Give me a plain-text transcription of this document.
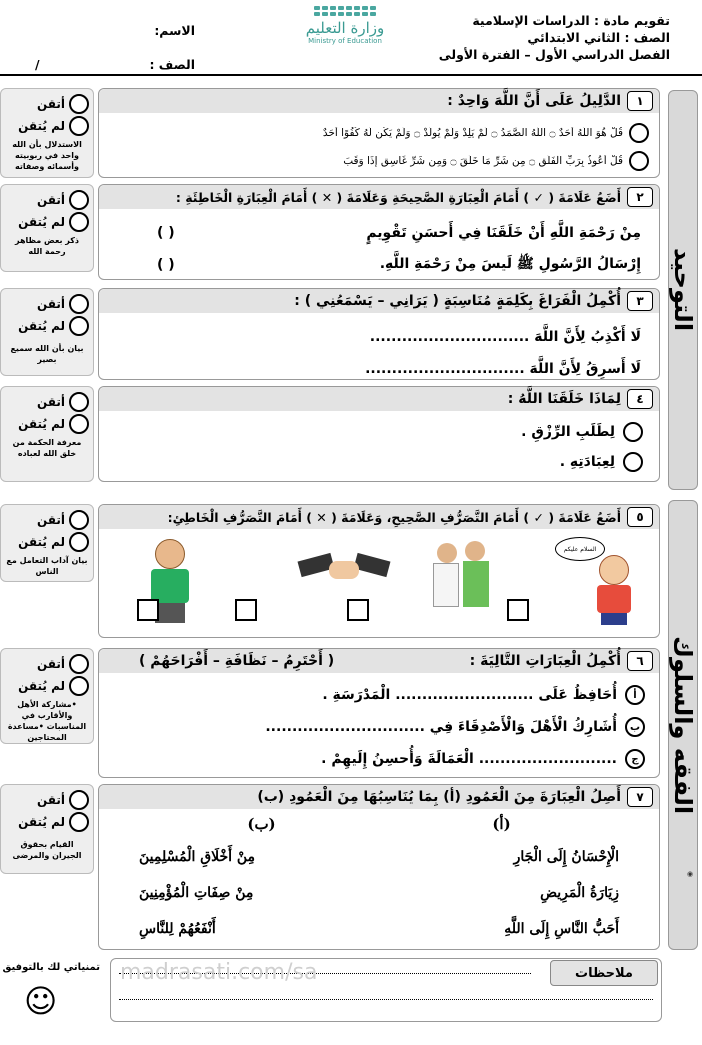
تقويم مادة : الدراسات الإسلامية
الصف : الثاني الابتدائي
الفصل الدراسي الأول – الفترة الأولى
وزارة التعليم
Ministry of Education
الاسم:
الصف :
/
التوحيد
الفقه والسلوك
◉
١
الدَّلِيلُ عَلَى أَنَّ اللَّهَ وَاحِدٌ :
قُلْ هُوَ اللَّهُ أَحَدٌ ۝ اللَّهُ الصَّمَدُ ۝ لَمْ يَلِدْ وَلَمْ يُولَدْ ۝ وَلَمْ يَكُن لَّهُ كُفُوًا أَحَدٌ
قُلْ أَعُوذُ بِرَبِّ الْفَلَقِ ۝ مِن شَرِّ مَا خَلَقَ ۝ وَمِن شَرِّ غَاسِقٍ إِذَا وَقَبَ
أتقن
لم يُتقن
الاستدلال بأن الله واحد في ربوبيته وأسمائه وصفاته
٢
أَضَعُ عَلَامَةَ ( ✓ ) أَمَامَ الْعِبَارَةِ الصَّحِيحَةِ وَعَلَامَةَ ( ✕ ) أَمَامَ الْعِبَارَةِ الْخَاطِئَةِ :
مِنْ رَحْمَةِ اللَّهِ أَنْ خَلَقَنَا فِي أَحسَنِ تَقْوِيمٍ
( )
إِرْسَالُ الرَّسُولِ ﷺ لَيسَ مِنْ رَحْمَةِ اللَّهِ.
( )
أتقن
لم يُتقن
ذكر بعض مظاهر رحمة الله
٣
أُكْمِلُ الْفَرَاغَ بِكَلِمَةٍ مُنَاسِبَةٍ ( يَرَانِي – يَسْمَعُنِي ) :
لَا أَكْذِبُ لِأَنَّ اللَّهَ ..............................
لَا أَسرِقُ لِأَنَّ اللَّهَ ..............................
أتقن
لم يُتقن
بيان بأن الله سميع بصير
٤
لِمَاذَا خَلَقَنَا اللَّهُ :
لِطَلَبِ الرِّزْقِ .
لِعِبَادَتِهِ .
أتقن
لم يُتقن
معرفة الحكمة من خلق الله لعباده
٥
أَضَعُ عَلَامَةَ ( ✓ ) أَمَامَ التَّصَرُّفِ الصَّحِيحِ، وَعَلَامَةَ ( ✕ ) أَمَامَ التَّصَرُّفِ الْخَاطِئِ:
السلام عليكم
أتقن
لم يُتقن
بيان آداب التعامل مع الناس
٦أُكْمِلُ الْعِبَارَاتِ التَّالِيَةَ :
( أَحْتَرِمُ – نَظَافَةِ – أَفْرَاحَهُمْ )
أ
أُحَافِظُ عَلَى .......................... الْمَدْرَسَةِ .
ب
أُشَارِكُ الْأَهْلَ وَالْأَصْدِقَاءَ فِي ..............................
ج
.......................... الْعَمَالَةَ وَأُحسِنُ إِلَيهِمْ .
أتقن
لم يُتقن
•مشاركة الأهل والأقارب في المناسبات •مساعدة المحتاجين
٧
أَصِلُ الْعِبَارَةَ مِنَ الْعَمُودِ (أ) بِمَا يُنَاسِبُهَا مِنَ الْعَمُودِ (ب)
(أ)
(ب)
الْإِحْسَانُ إِلَى الْجَارِ
مِنْ أَخْلَاقِ الْمُسْلِمِينَ
زِيَارَةُ الْمَرِيضِ
مِنْ صِفَاتِ الْمُؤْمِنِينَ
أَحَبُّ النَّاسِ إِلَى اللَّهِ
أَنْفَعُهُمْ لِلنَّاسِ
أتقن
لم يُتقن
القيام بحقوق الجيران والمرضى
ملاحظات
تمنياتي لك بالتوفيق
☺
madrasati.com/sa
